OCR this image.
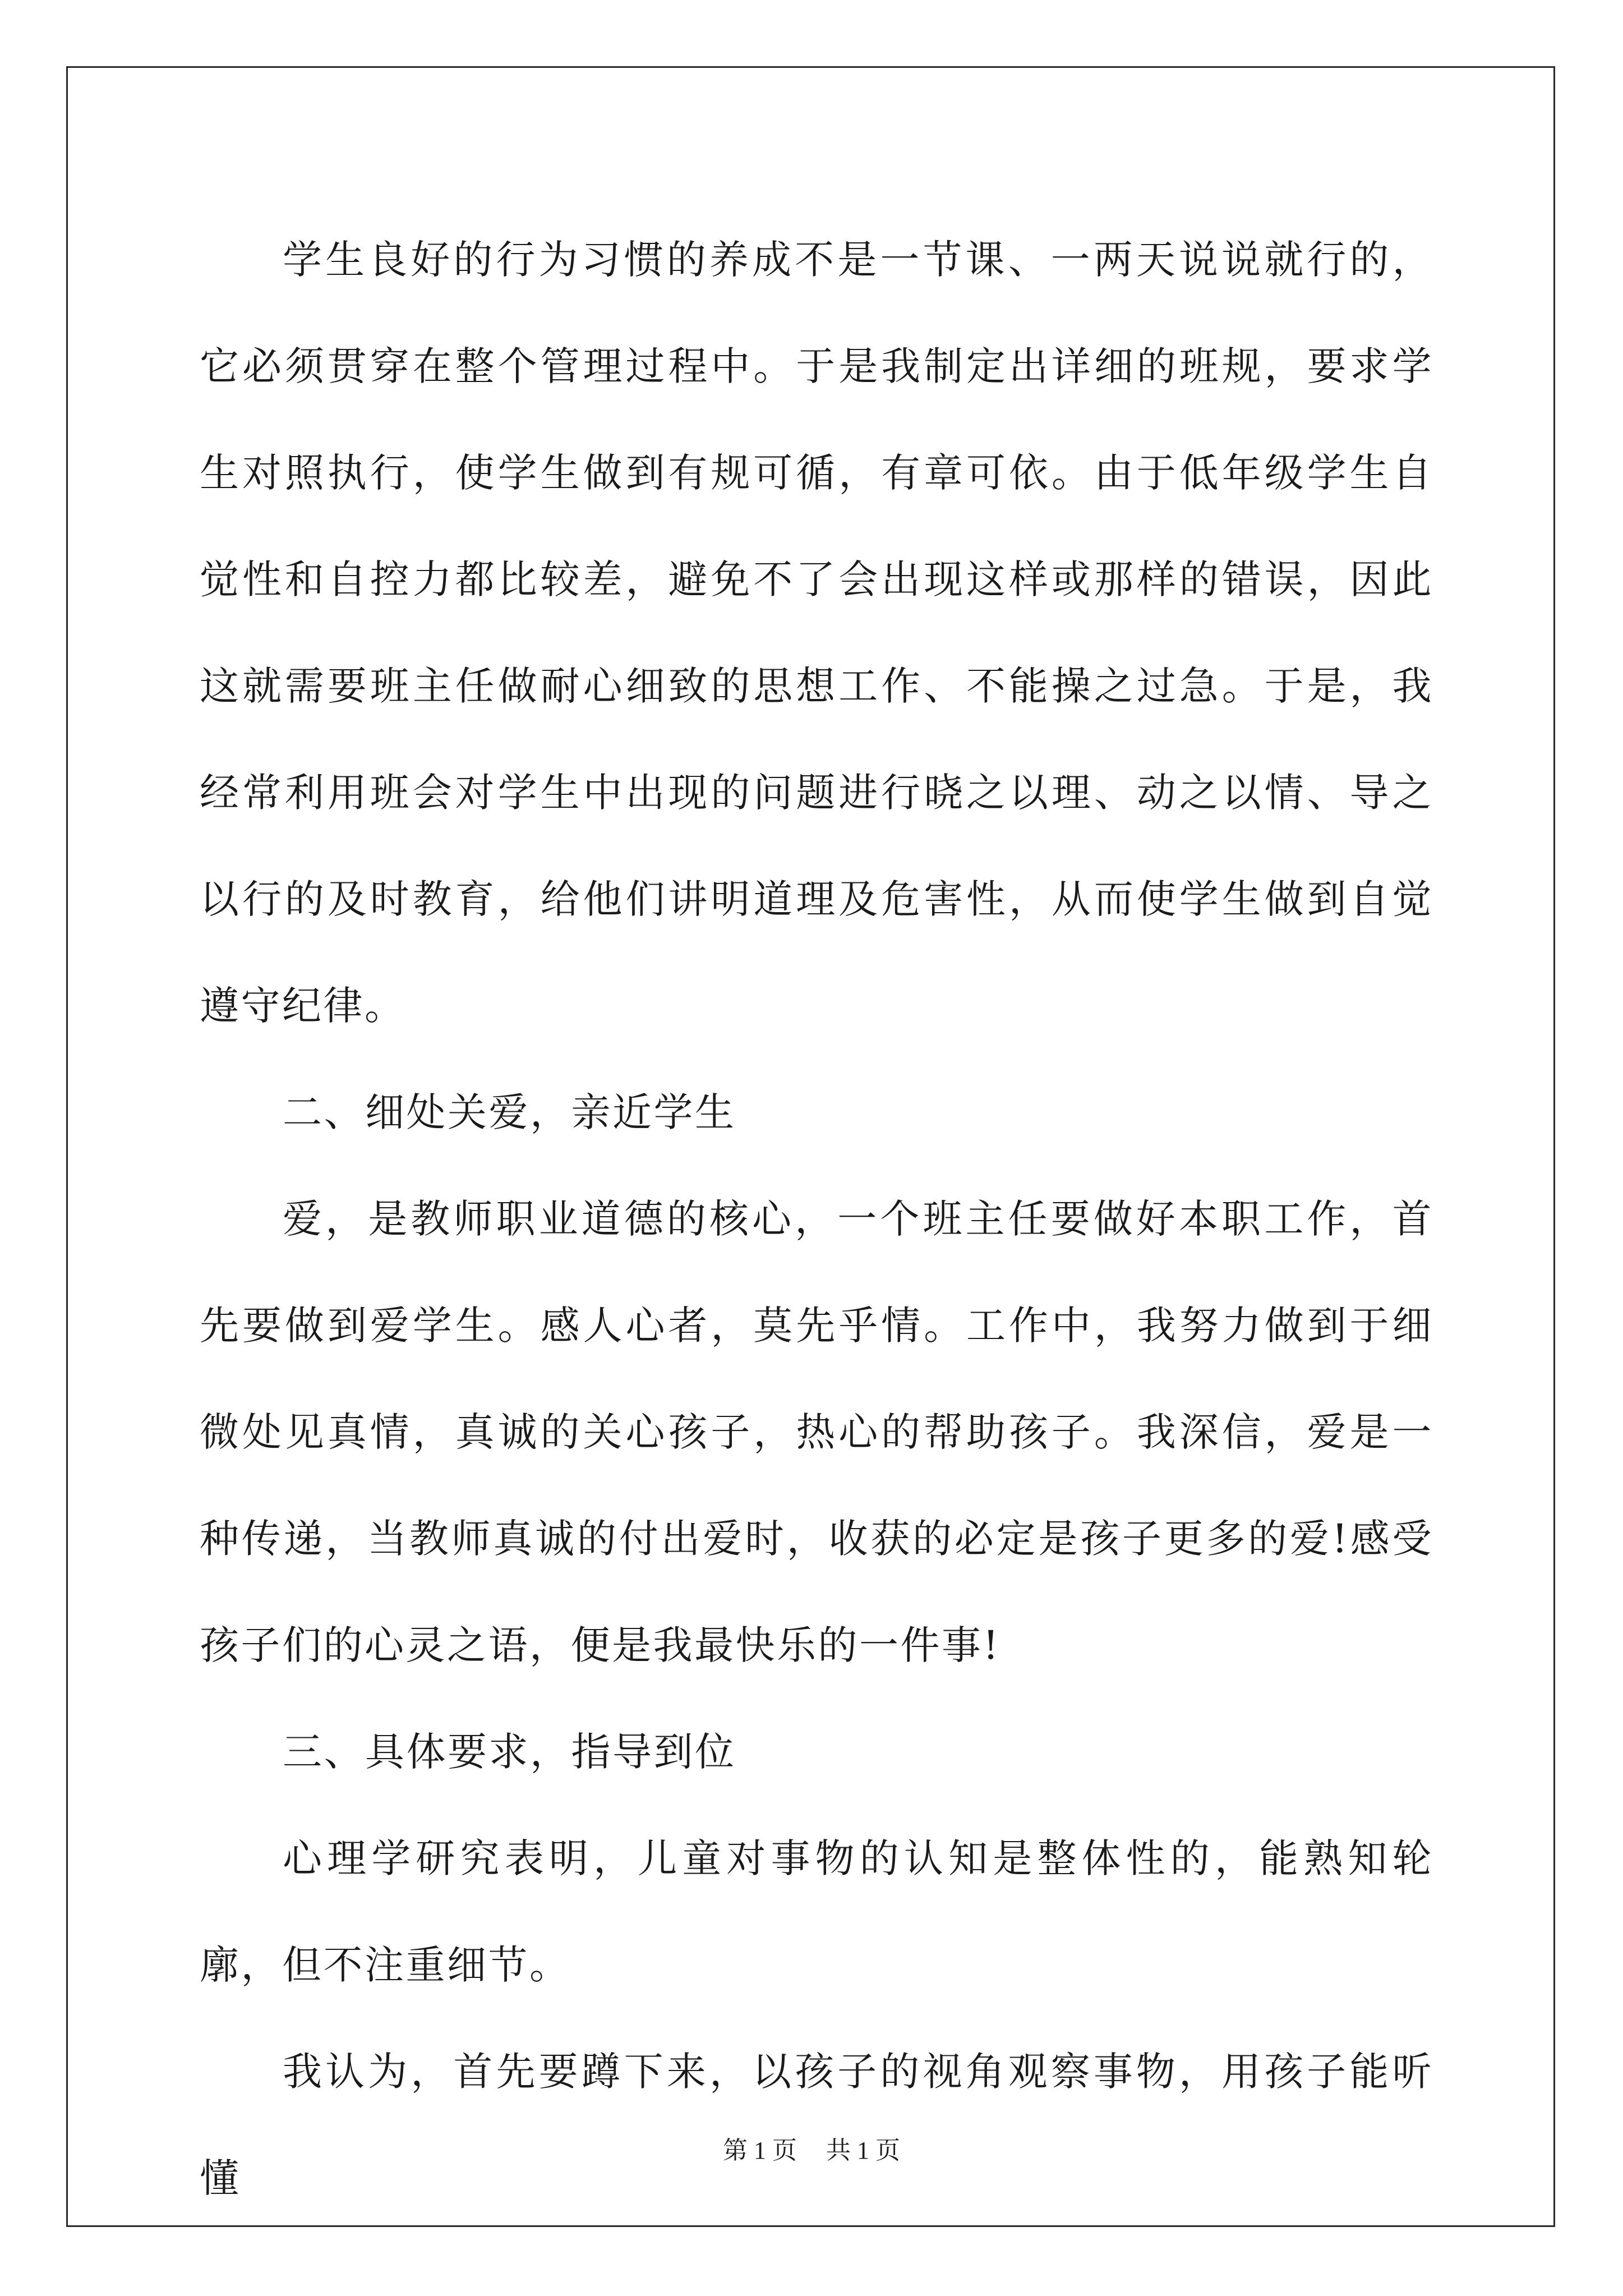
学生良好的行为习惯的养成不是一节课、一两天说说就行的，它必须贯穿在整个管理过程中。于是我制定出详细的班规，要求学生对照执行，使学生做到有规可循，有章可依。由于低年级学生自觉性和自控力都比较差，避免不了会出现这样或那样的错误，因此这就需要班主任做耐心细致的思想工作、不能操之过急。于是，我经常利用班会对学生中出现的问题进行晓之以理、动之以情、导之以行的及时教育，给他们讲明道理及危害性，从而使学生做到自觉遵守纪律。

二、细处关爱，亲近学生

爱，是教师职业道德的核心，一个班主任要做好本职工作，首先要做到爱学生。感人心者，莫先乎情。工作中，我努力做到于细微处见真情，真诚的关心孩子，热心的帮助孩子。我深信，爱是一种传递，当教师真诚的付出爱时，收获的必定是孩子更多的爱!感受孩子们的心灵之语，便是我最快乐的一件事!

三、具体要求，指导到位

心理学研究表明，儿童对事物的认知是整体性的，能熟知轮廓，但不注重细节。

我认为，首先要蹲下来，以孩子的视角观察事物，用孩子能听懂

第 1 页 共 1 页
